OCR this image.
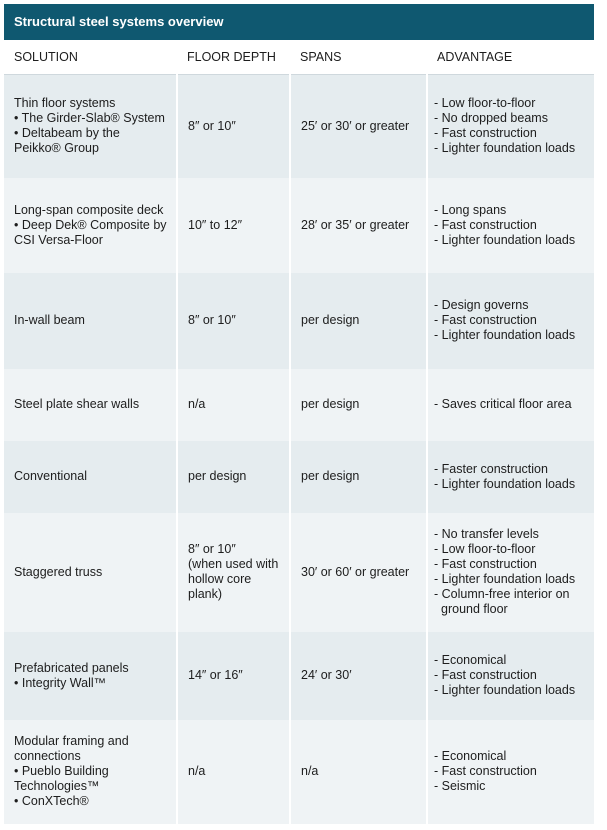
Structural steel systems overview
SOLUTION	FLOOR DEPTH	SPANS	ADVANTAGE

Thin floor systems
• The Girder-Slab® System
• Deltabeam by the
Peikko® Group	8″ or 10″	25′ or 30′ or greater	- Low floor-to-floor
- No dropped beams
- Fast construction
- Lighter foundation loads

Long-span composite deck
• Deep Dek® Composite by
CSI Versa-Floor	10″ to 12″	28′ or 35′ or greater	- Long spans
- Fast construction
- Lighter foundation loads

In-wall beam	8″ or 10″	per design	- Design governs
- Fast construction
- Lighter foundation loads

Steel plate shear walls	n/a	per design	- Saves critical floor area

Conventional	per design	per design	- Faster construction
- Lighter foundation loads

Staggered truss	8″ or 10″
(when used with
hollow core
plank)	30′ or 60′ or greater	- No transfer levels
- Low floor-to-floor
- Fast construction
- Lighter foundation loads
- Column-free interior on ground floor

Prefabricated panels
• Integrity Wall™	14″ or 16″	24′ or 30′	- Economical
- Fast construction
- Lighter foundation loads

Modular framing and
connections
• Pueblo Building
Technologies™
• ConXTech®	n/a	n/a	- Economical
- Fast construction
- Seismic
